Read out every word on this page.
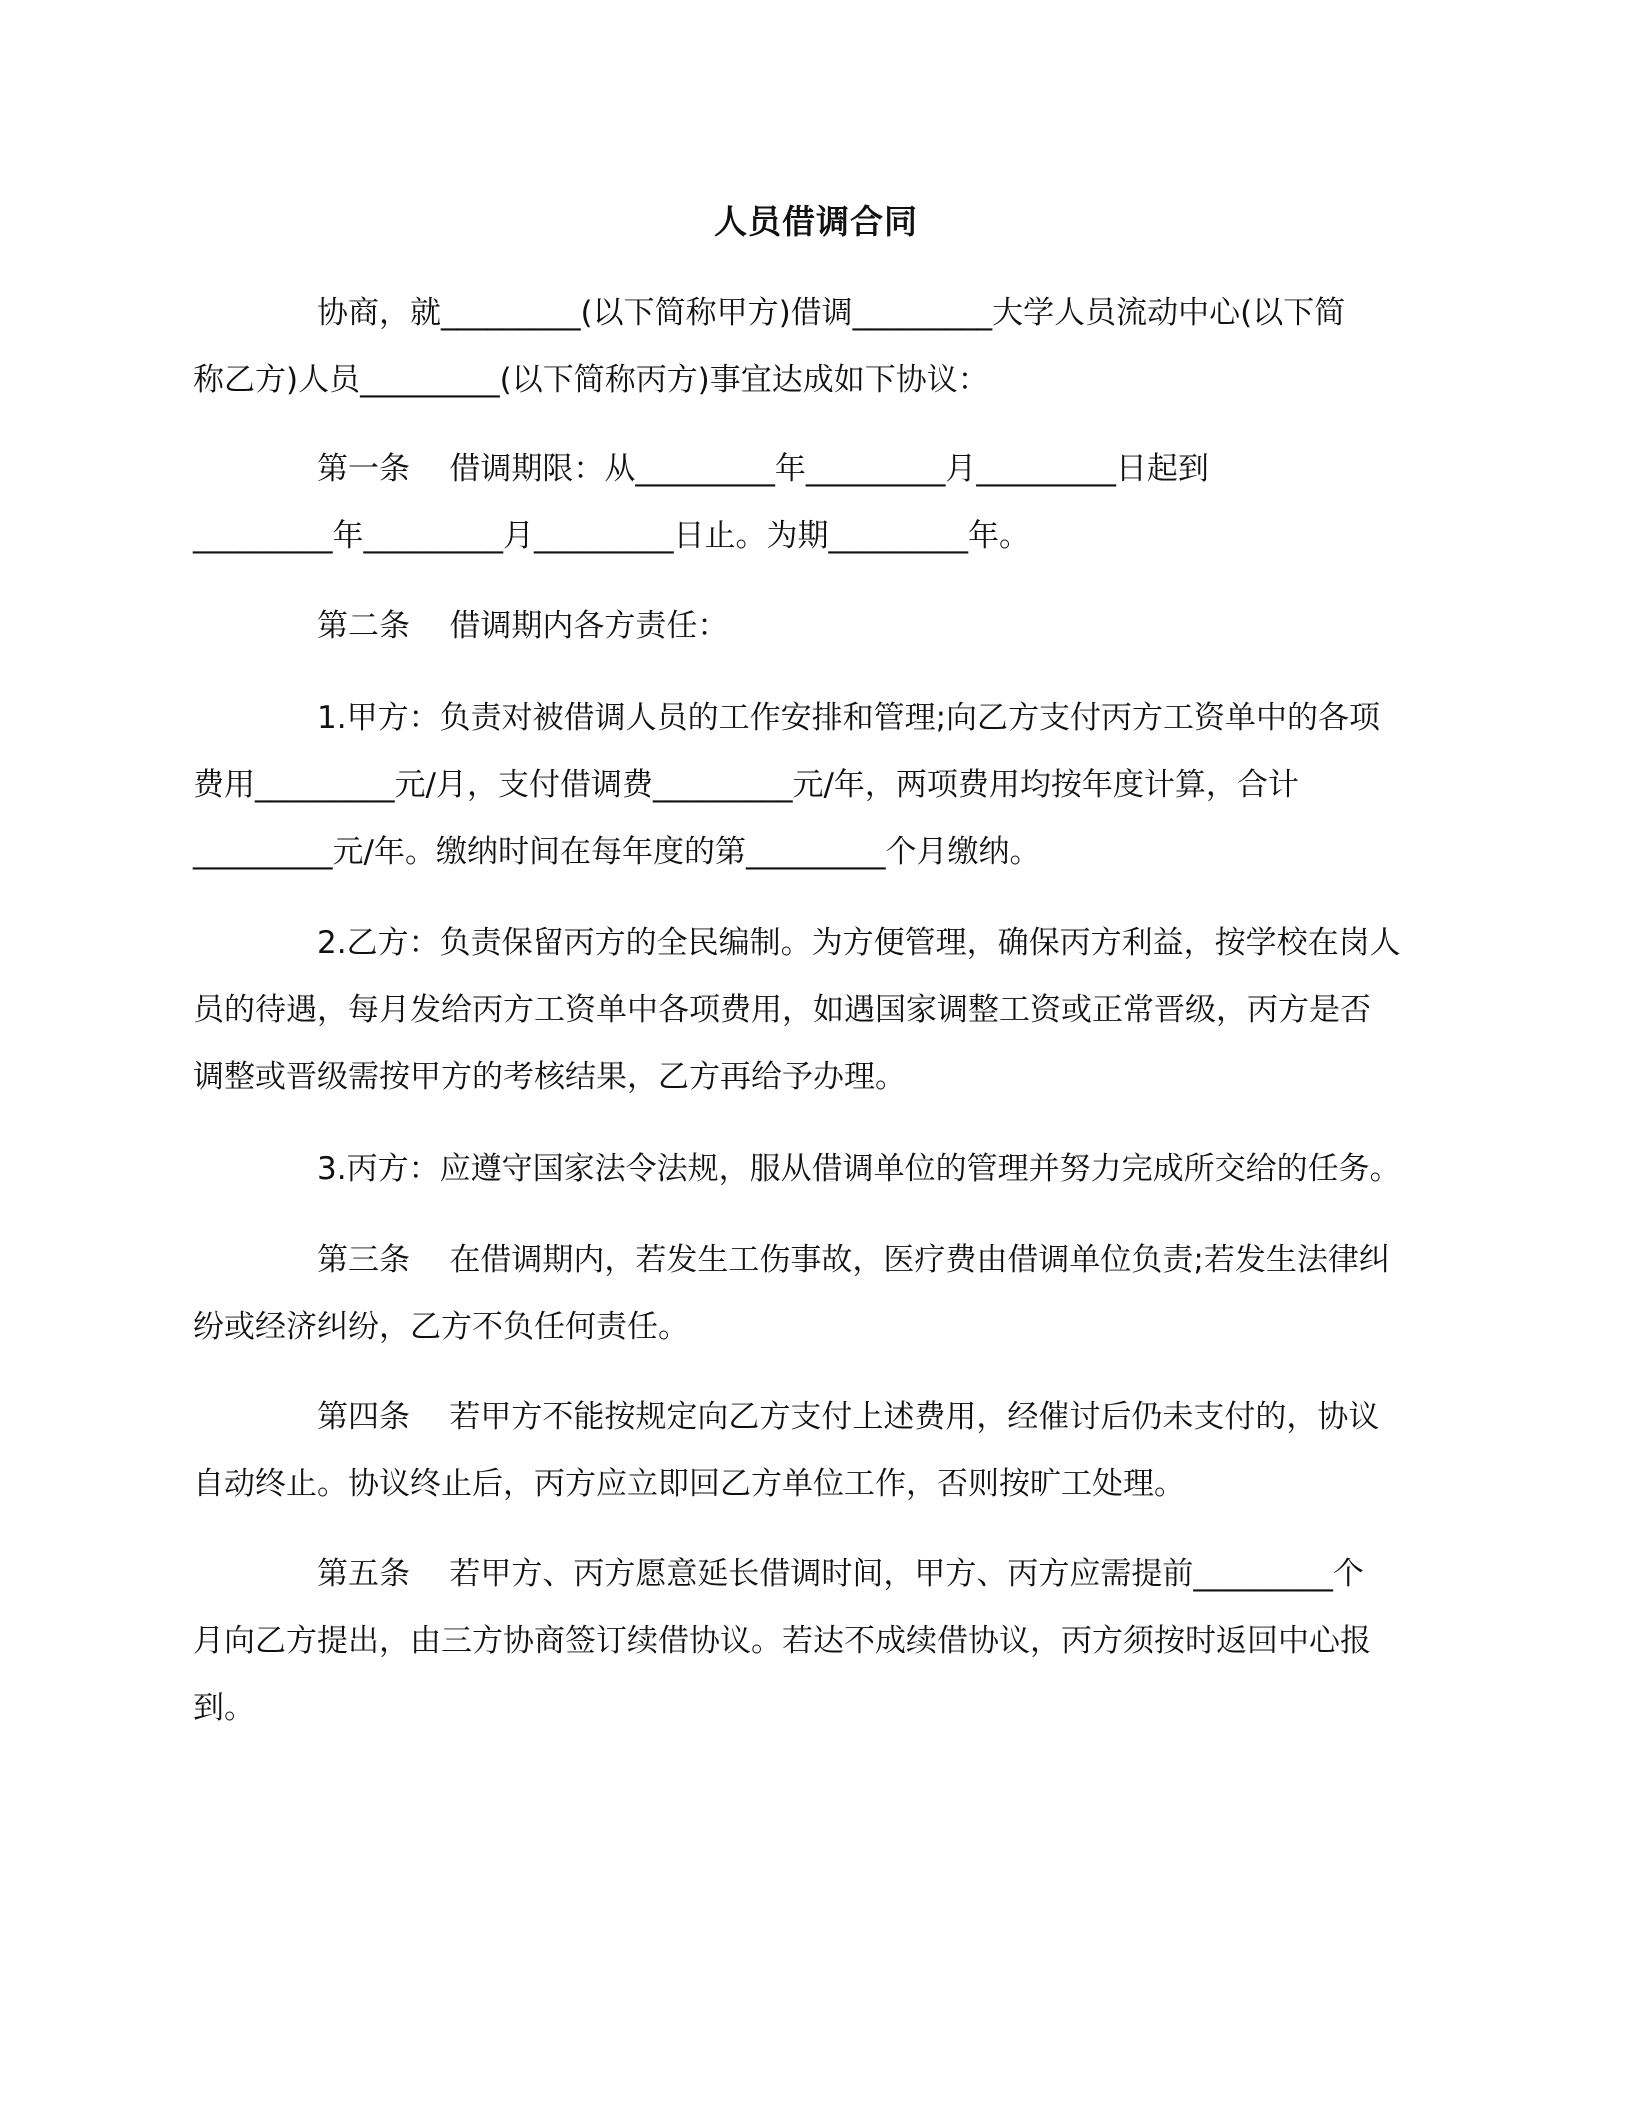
人员借调合同
协商，就_________(以下简称甲方)借调_________大学人员流动中心(以下简
称乙方)人员_________(以下简称丙方)事宜达成如下协议：
第一条    借调期限：从_________年_________月_________日起到
_________年_________月_________日止。为期_________年。
第二条    借调期内各方责任：
1.甲方：负责对被借调人员的工作安排和管理;向乙方支付丙方工资单中的各项
费用_________元/月，支付借调费_________元/年，两项费用均按年度计算，合计
_________元/年。缴纳时间在每年度的第_________个月缴纳。
2.乙方：负责保留丙方的全民编制。为方便管理，确保丙方利益，按学校在岗人
员的待遇，每月发给丙方工资单中各项费用，如遇国家调整工资或正常晋级，丙方是否
调整或晋级需按甲方的考核结果，乙方再给予办理。
3.丙方：应遵守国家法令法规，服从借调单位的管理并努力完成所交给的任务。
第三条    在借调期内，若发生工伤事故，医疗费由借调单位负责;若发生法律纠
纷或经济纠纷，乙方不负任何责任。
第四条    若甲方不能按规定向乙方支付上述费用，经催讨后仍未支付的，协议
自动终止。协议终止后，丙方应立即回乙方单位工作，否则按旷工处理。
第五条    若甲方、丙方愿意延长借调时间，甲方、丙方应需提前_________个
月向乙方提出，由三方协商签订续借协议。若达不成续借协议，丙方须按时返回中心报
到。
